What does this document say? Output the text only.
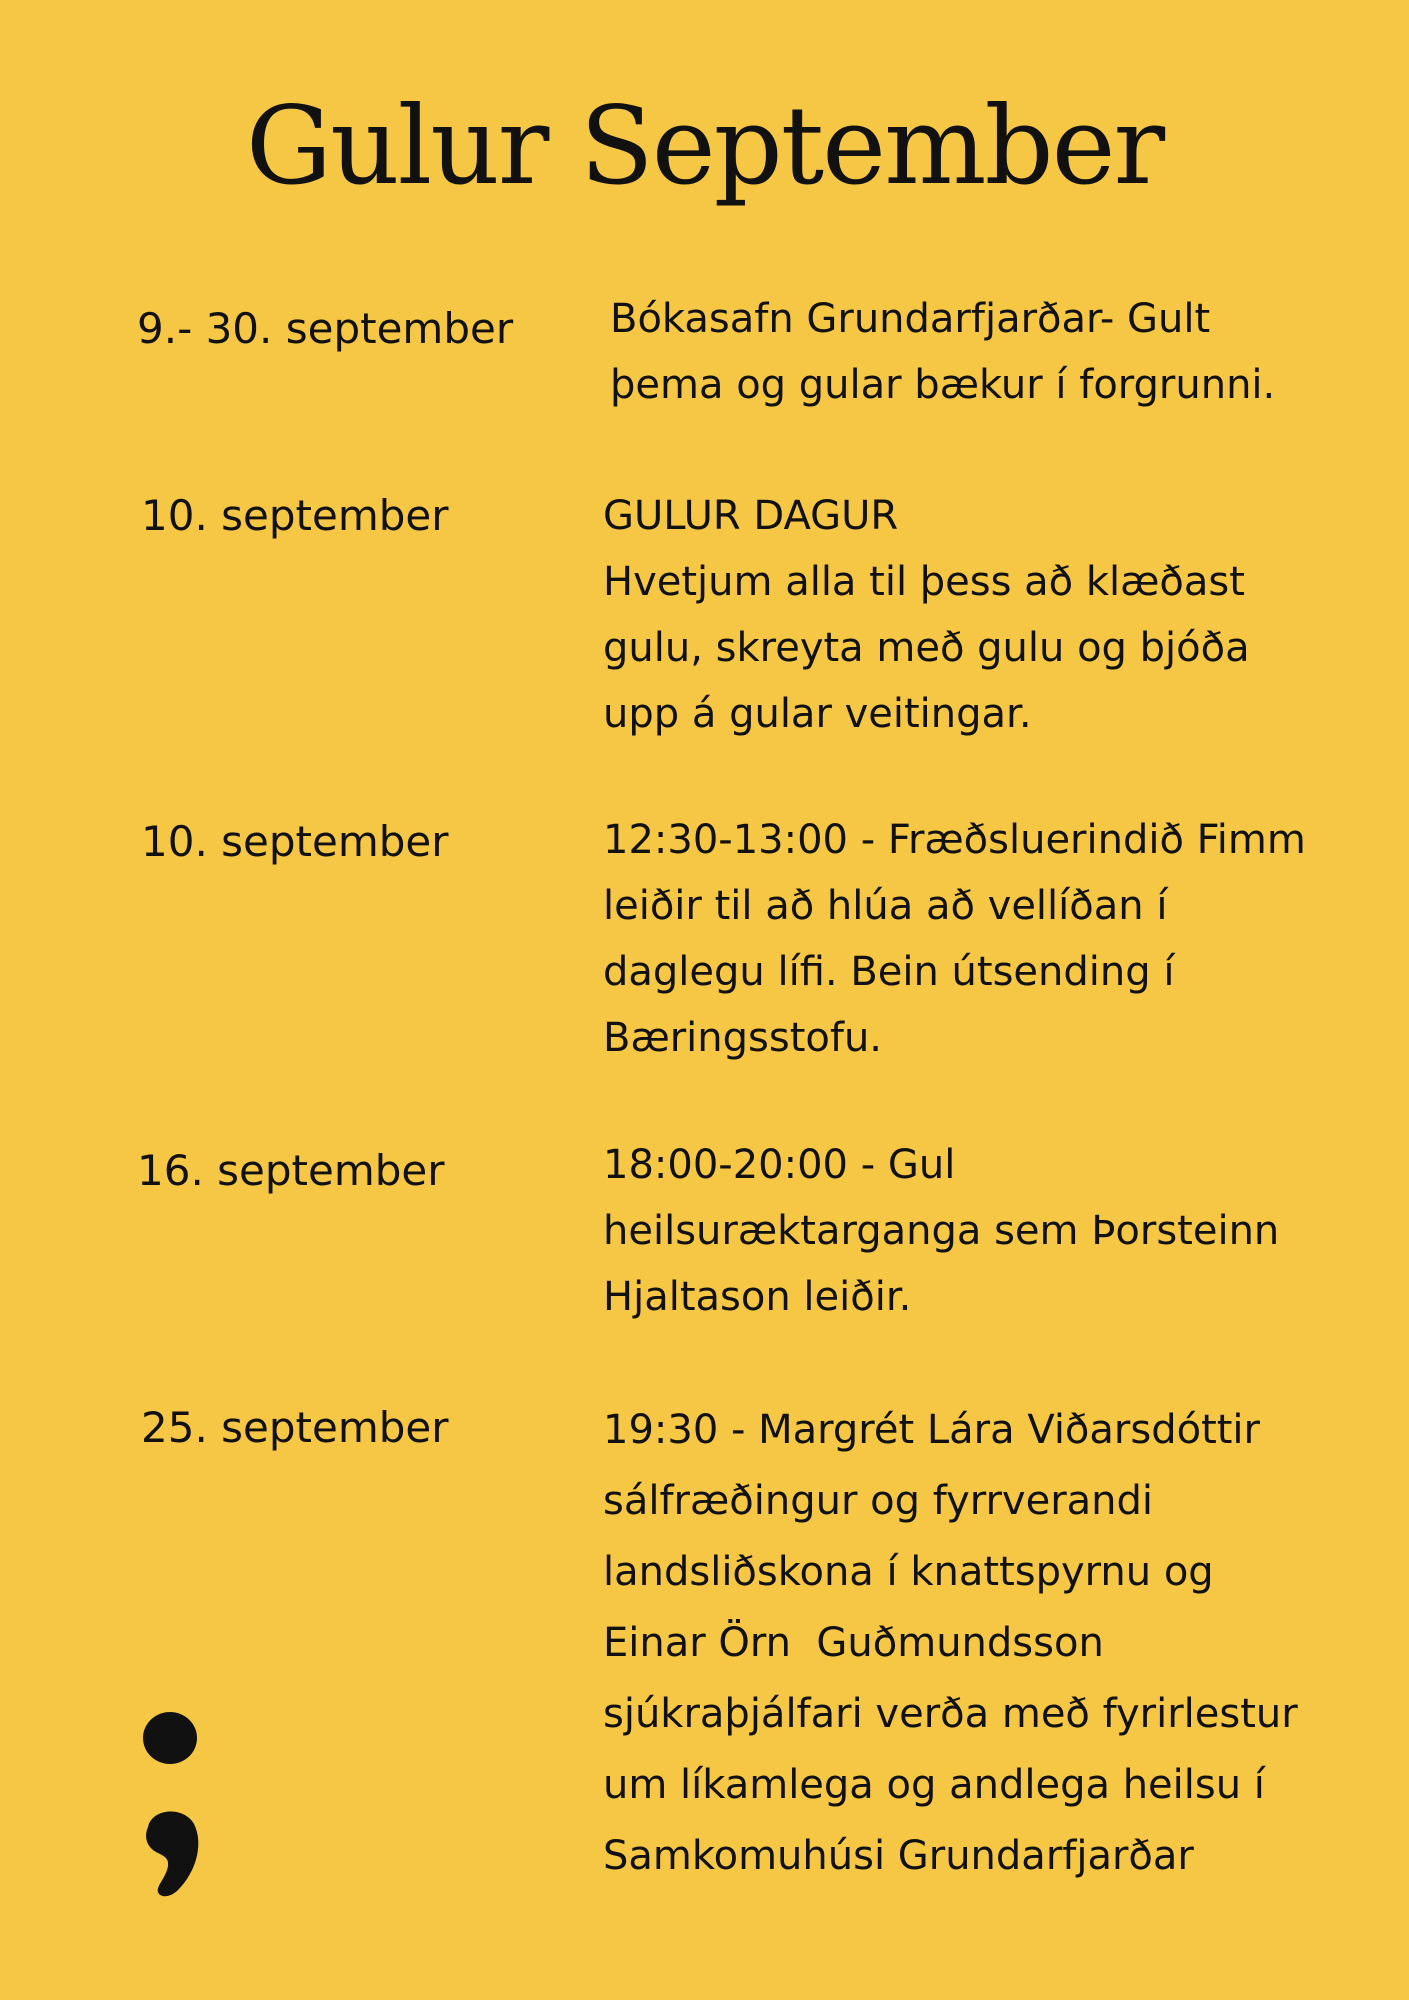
Gulur September
9.- 30. september Bókasafn Grundarfjarðar- Gult
þema og gular bækur í forgrunni.
10. september	GULUR DAGUR
Hvetjum alla til þess að klæðast
gulu, skreyta með gulu og bjóða
upp á gular veitingar.
10. september	12:30-13:00 - Fræðsluerindið Fimm
leiðir til að hlúa að vellíðan í
daglegu lífi. Bein útsending í
Bæringsstofu.
16. september	18:00-20:00 - Gul
heilsuræktarganga sem Þorsteinn
Hjaltason leiðir.
25. september	19:30 - Margrét Lára Viðarsdóttir
sálfræðingur og fyrrverandi
landsliðskona í knattspyrnu og
Einar Örn  Guðmundsson
sjúkraþjálfari verða með fyrirlestur
um líkamlega og andlega heilsu í
Samkomuhúsi Grundarfjarðar
